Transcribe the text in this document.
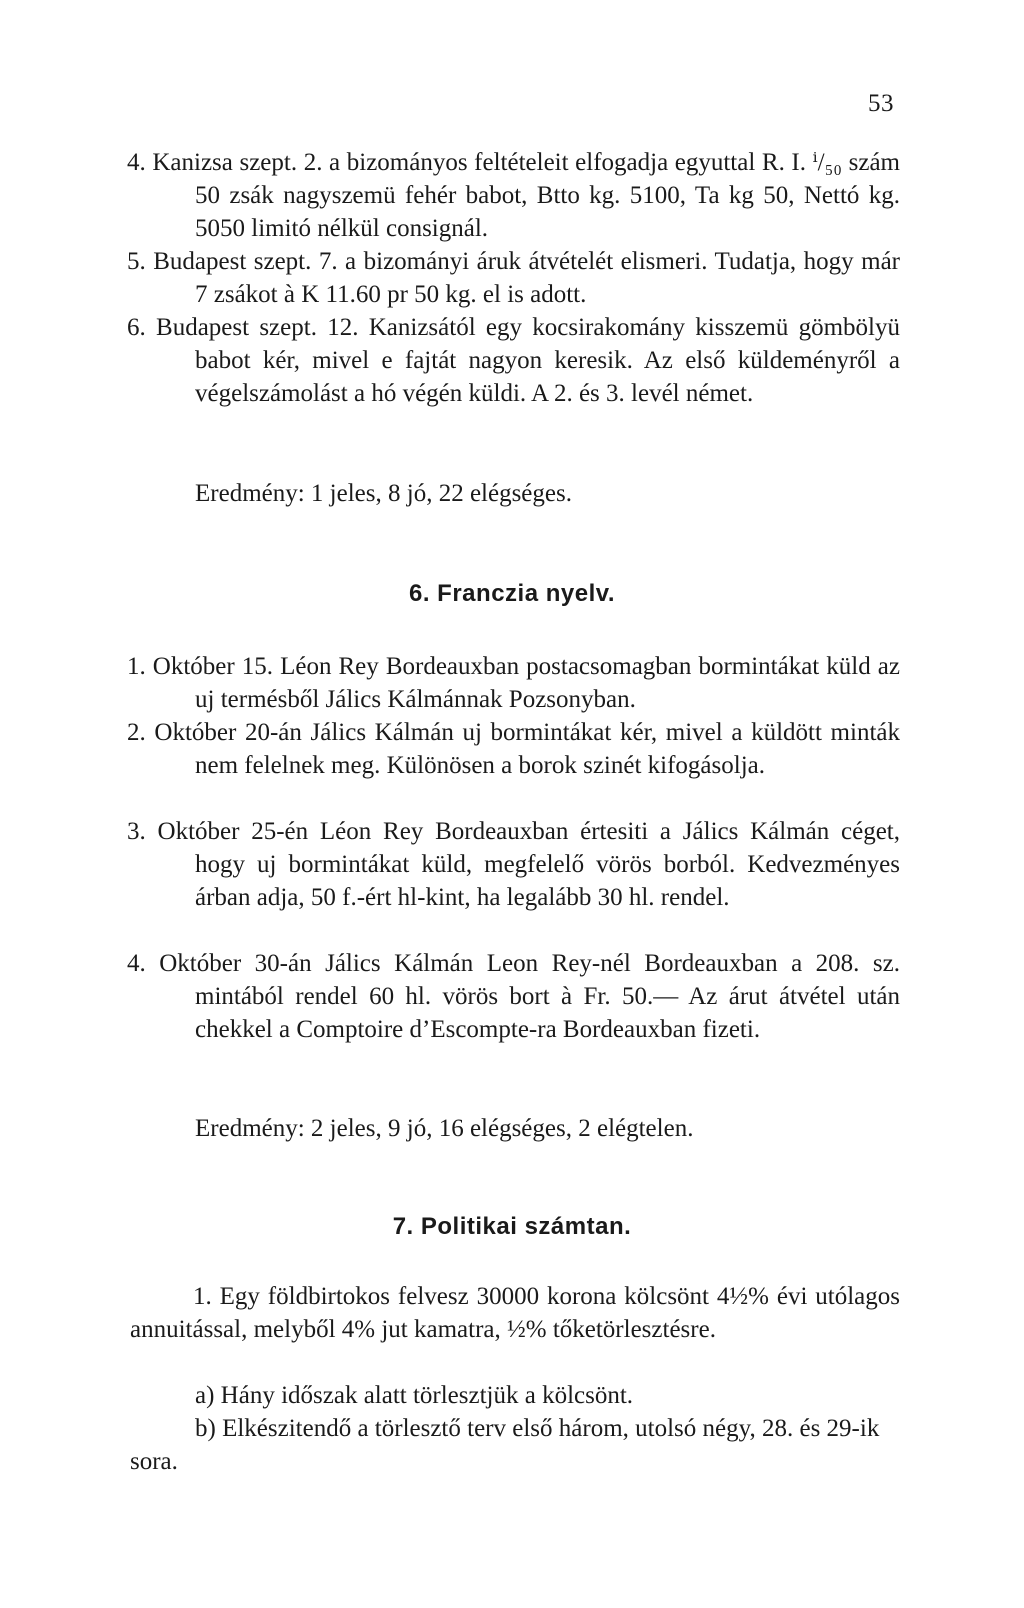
53

4. Kanizsa szept. 2. a bizományos feltételeit elfogadja egyuttal R. I. ⁱ/₅₀ szám 50 zsák nagyszemü fehér babot, Btto kg. 5100, Ta kg 50, Nettó kg. 5050 limitó nélkül consignál.

5. Budapest szept. 7. a bizományi áruk átvételét elismeri. Tudatja, hogy már 7 zsákot à K 11.60 pr 50 kg. el is adott.

6. Budapest szept. 12. Kanizsától egy kocsirakomány kisszemü gömbölyü babot kér, mivel e fajtát nagyon keresik. Az első küldeményről a végelszámolást a hó végén küldi. A 2. és 3. levél német.

Eredmény: 1 jeles, 8 jó, 22 elégséges.

6. Franczia nyelv.

1. Október 15. Léon Rey Bordeauxban postacsomagban bormintákat küld az uj termésből Jálics Kálmánnak Pozsonyban.

2. Október 20-án Jálics Kálmán uj bormintákat kér, mivel a küldött minták nem felelnek meg. Különösen a borok szinét kifogásolja.

3. Október 25-én Léon Rey Bordeauxban értesiti a Jálics Kálmán céget, hogy uj bormintákat küld, megfelelő vörös borból. Kedvezményes árban adja, 50 f.-ért hl-kint, ha legalább 30 hl. rendel.

4. Október 30-án Jálics Kálmán Leon Rey-nél Bordeauxban a 208. sz. mintából rendel 60 hl. vörös bort à Fr. 50.— Az árut átvétel után chekkel a Comptoire d’Escompte-ra Bordeauxban fizeti.

Eredmény: 2 jeles, 9 jó, 16 elégséges, 2 elégtelen.

7. Politikai számtan.

1. Egy földbirtokos felvesz 30000 korona kölcsönt 4½% évi utólagos annuitással, melyből 4% jut kamatra, ½% tőketörlesztésre.

a) Hány időszak alatt törlesztjük a kölcsönt.

b) Elkészitendő a törlesztő terv első három, utolsó négy, 28. és 29-ik sora.
